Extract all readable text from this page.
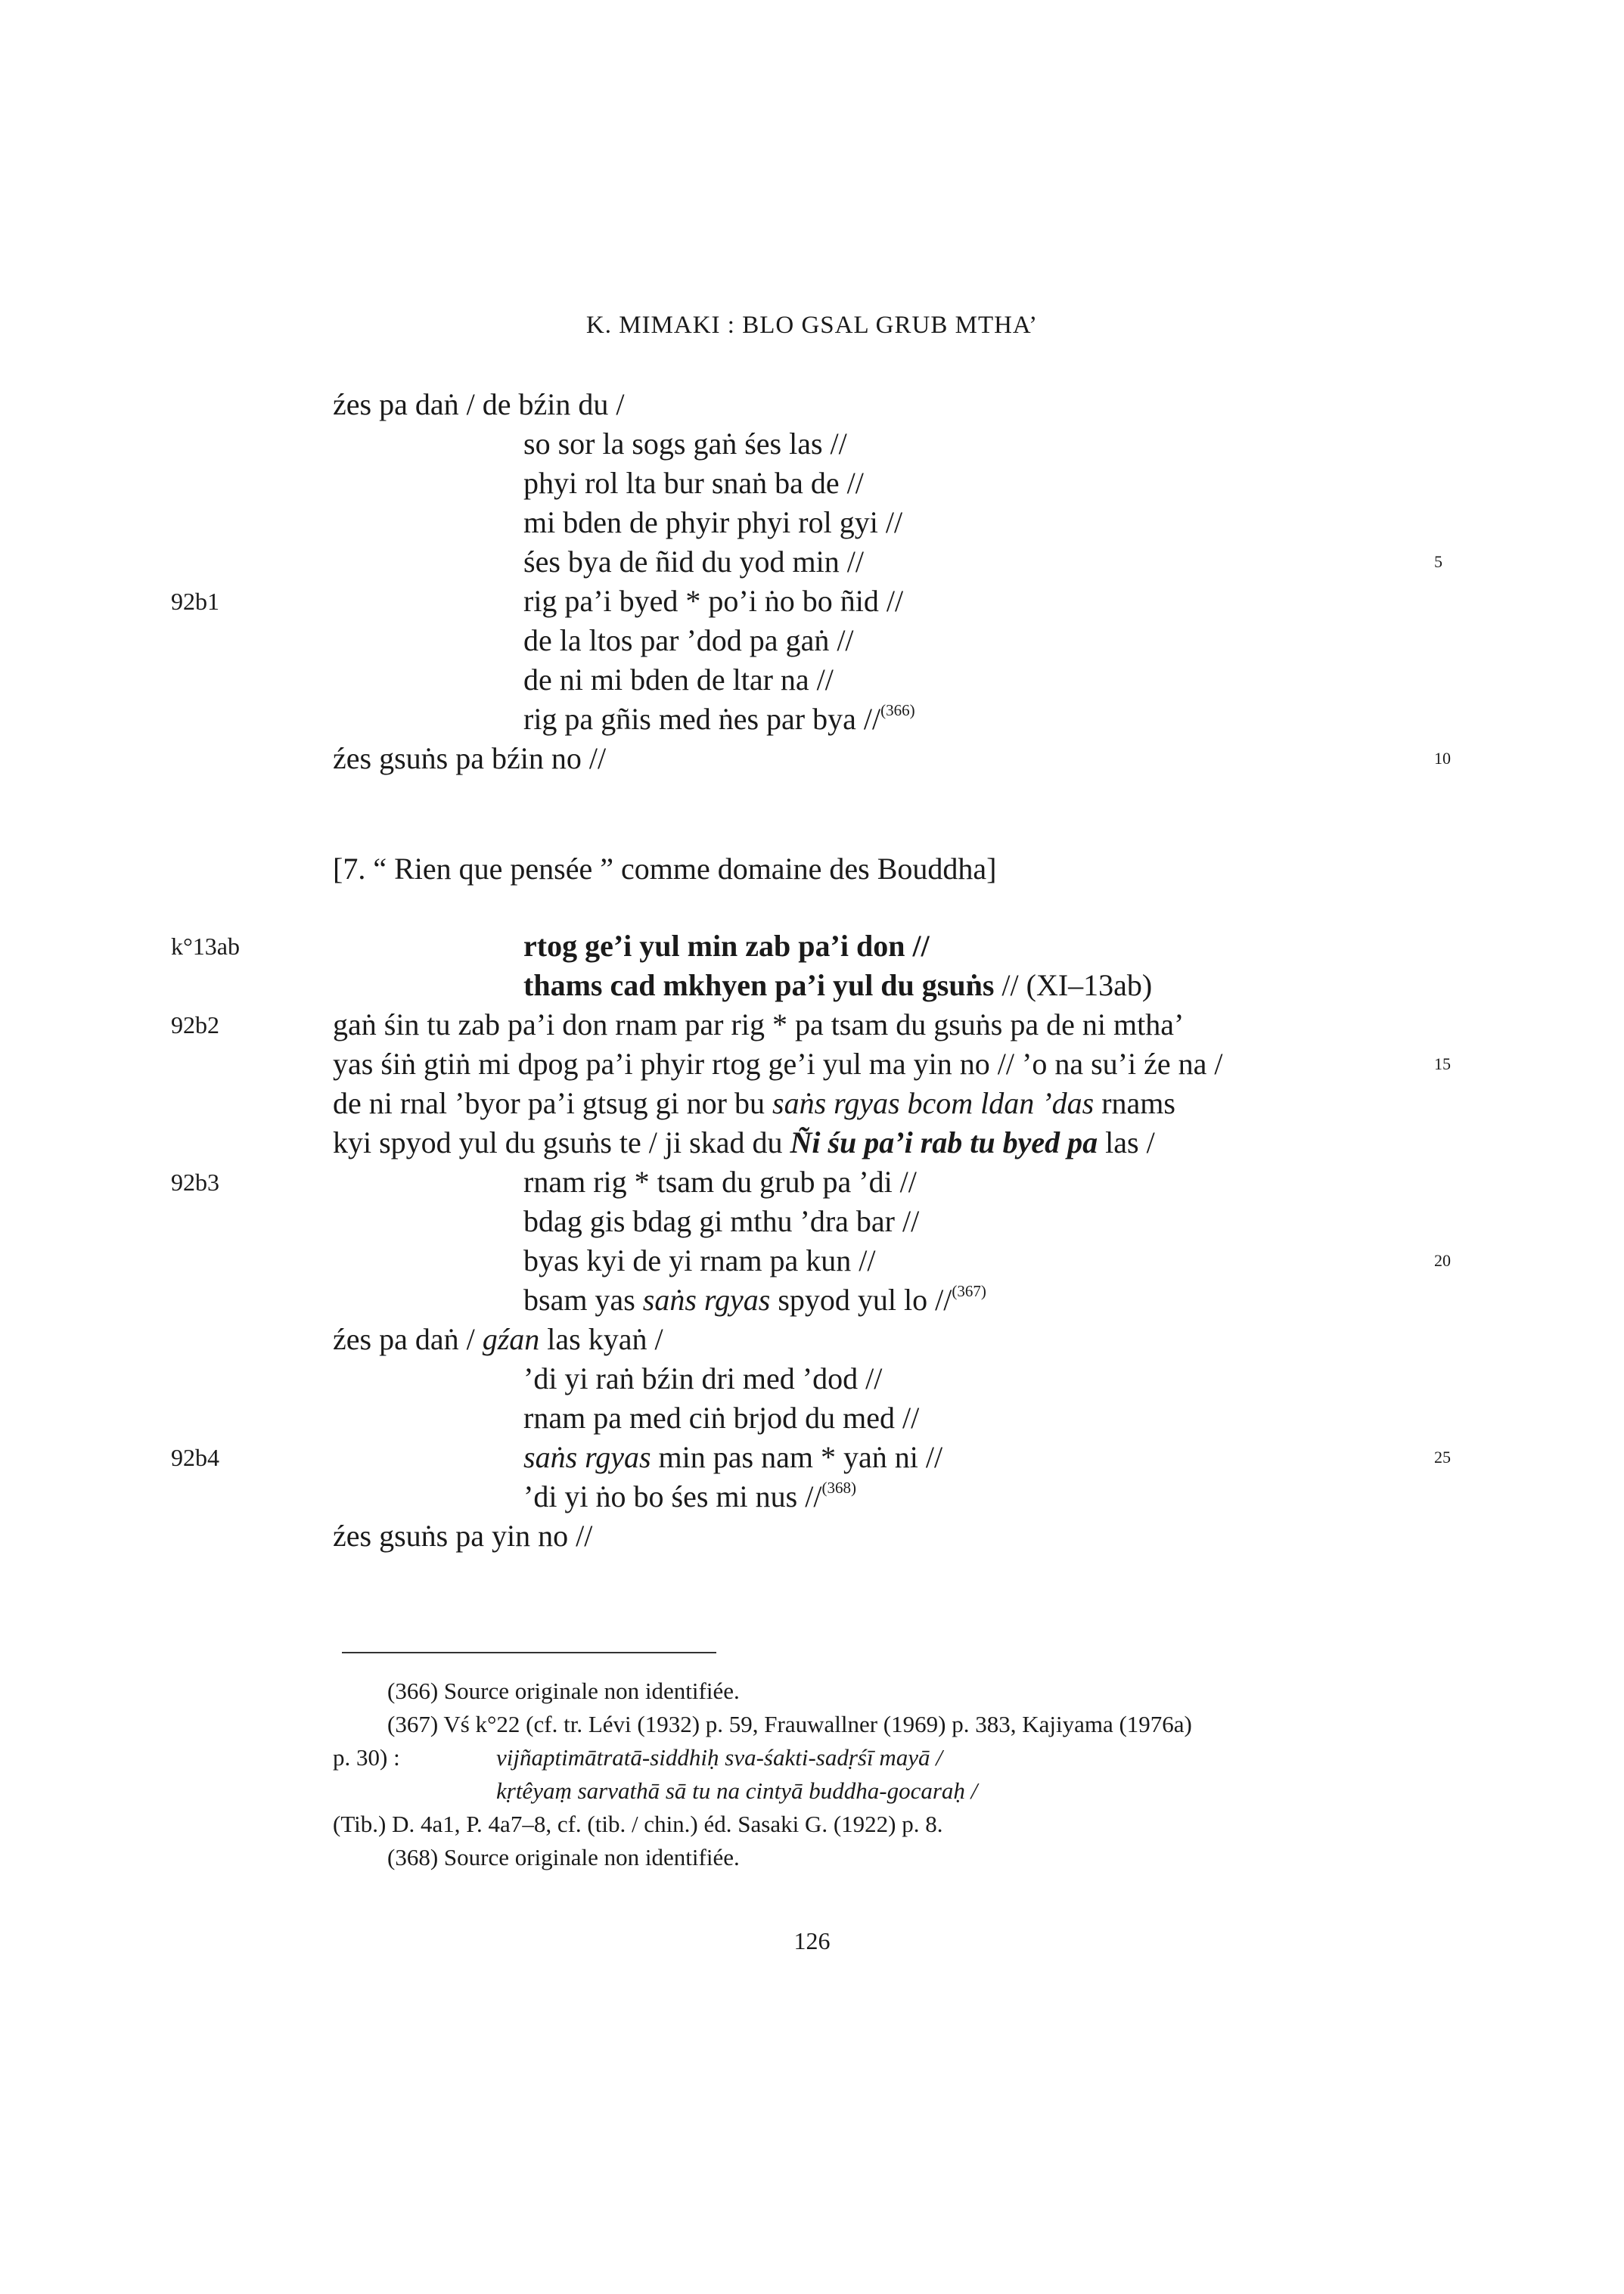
K. MIMAKI : BLO GSAL GRUB MTHA’
źes pa daṅ / de bźin du /
so sor la sogs gaṅ śes las //
phyi rol lta bur snaṅ ba de //
mi bden de phyir phyi rol gyi //
śes bya de ñid du yod min //	5
92b1	rig pa’i byed * po’i ṅo bo ñid //
de la ltos par ’dod pa gaṅ //
de ni mi bden de ltar na //
rig pa gñis med ṅes par bya //$^{(366)}$
źes gsuṅs pa bźin no //	10
[7. “ Rien que pensée ” comme domaine des Bouddha]
k°13ab	rtog ge’i yul min zab pa’i don //
thams cad mkhyen pa’i yul du gsuṅs // (XI–13ab)
92b2	gaṅ śin tu zab pa’i don rnam par rig * pa tsam du gsuṅs pa de ni mtha’
yas śiṅ gtiṅ mi dpog pa’i phyir rtog ge’i yul ma yin no // ’o na su’i źe na /	15
de ni rnal ’byor pa’i gtsug gi nor bu saṅs rgyas bcom ldan ’das rnams
kyi spyod yul du gsuṅs te / ji skad du Ñi śu pa’i rab tu byed pa las /
92b3	rnam rig * tsam du grub pa ’di //
bdag gis bdag gi mthu ’dra bar //
byas kyi de yi rnam pa kun //	20
bsam yas saṅs rgyas spyod yul lo //$^{(367)}$
źes pa daṅ / gźan las kyaṅ /
’di yi raṅ bźin dri med ’dod //
rnam pa med ciṅ brjod du med //
92b4	saṅs rgyas min pas nam * yaṅ ni //	25
’di yi ṅo bo śes mi nus //$^{(368)}$
źes gsuṅs pa yin no //
(366) Source originale non identifiée.
(367) Vś k°22 (cf. tr. Lévi (1932) p. 59, Frauwallner (1969) p. 383, Kajiyama (1976a)
p. 30) :	vijñaptimātratā-siddhiḥ sva-śakti-sadṛśī mayā /
kṛtêyaṃ sarvathā sā tu na cintyā buddha-gocaraḥ /
(Tib.) D. 4a1, P. 4a7–8, cf. (tib. / chin.) éd. Sasaki G. (1922) p. 8.
(368) Source originale non identifiée.
126
